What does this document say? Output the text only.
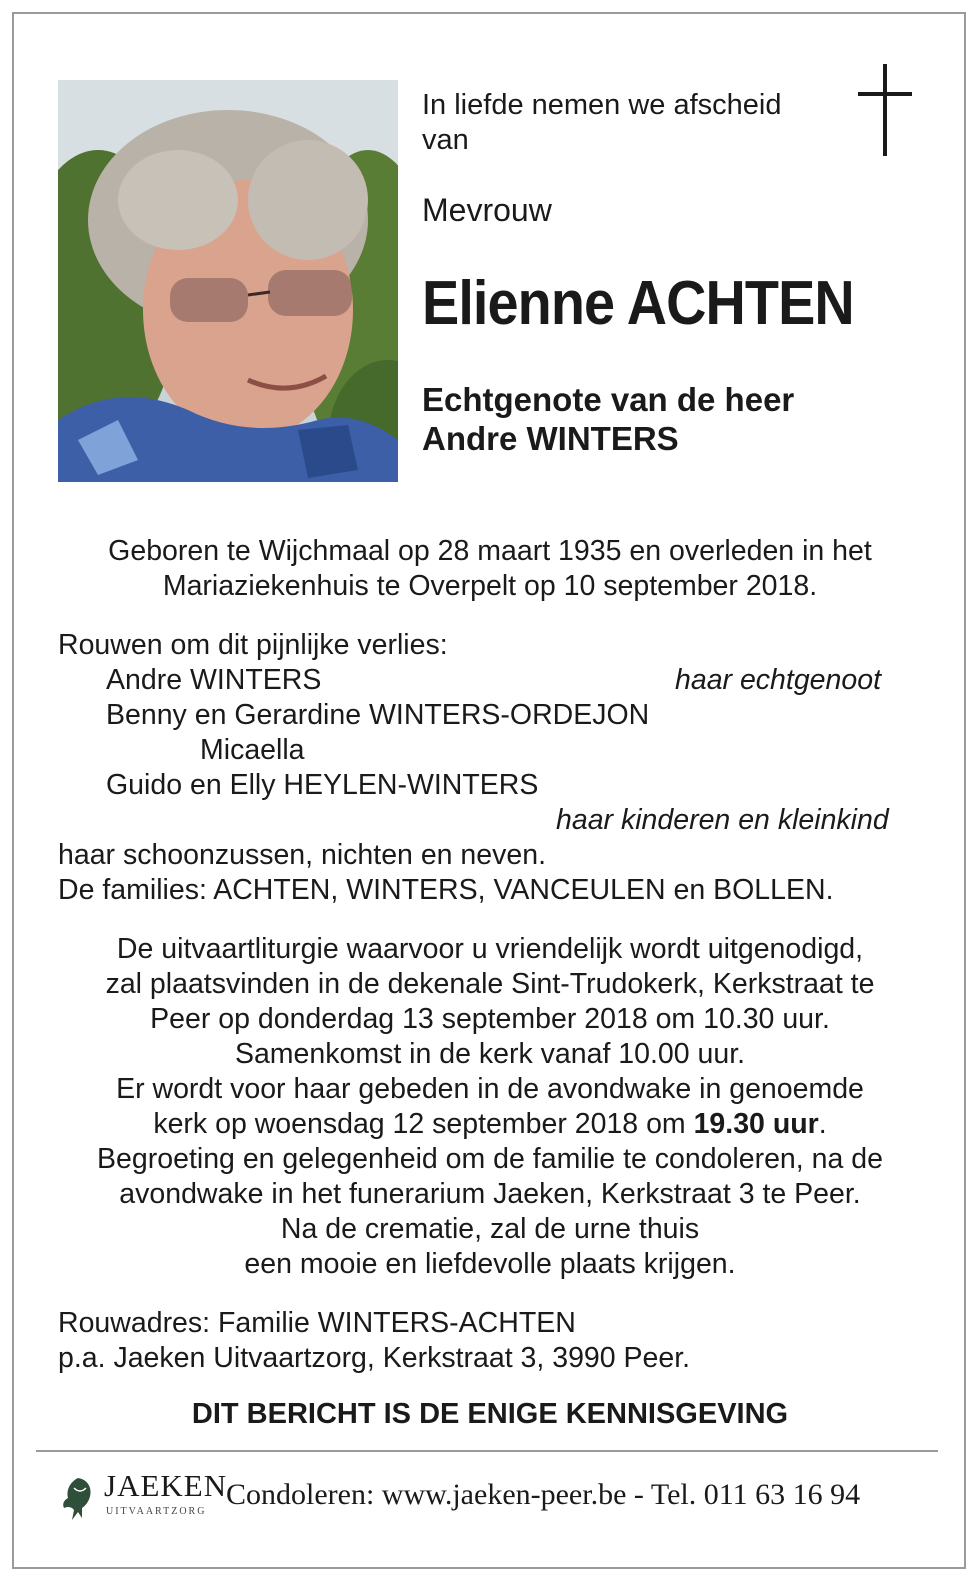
In liefde nemen we afscheid van
Mevrouw
Elienne ACHTEN
Echtgenote van de heer
Andre WINTERS
Geboren te Wijchmaal op 28 maart 1935 en overleden in het
Mariaziekenhuis te Overpelt op 10 september 2018.
Rouwen om dit pijnlijke verlies:
Andre WINTERS	haar echtgenoot
Benny en Gerardine WINTERS-ORDEJON
Micaella
Guido en Elly HEYLEN-WINTERS
haar kinderen en kleinkind
haar schoonzussen, nichten en neven.
De families: ACHTEN, WINTERS, VANCEULEN en BOLLEN.
De uitvaartliturgie waarvoor u vriendelijk wordt uitgenodigd,
zal plaatsvinden in de dekenale Sint-Trudokerk, Kerkstraat te
Peer op donderdag 13 september 2018 om 10.30 uur.
Samenkomst in de kerk vanaf 10.00 uur.
Er wordt voor haar gebeden in de avondwake in genoemde
kerk op woensdag 12 september 2018 om 19.30 uur.
Begroeting en gelegenheid om de familie te condoleren, na de
avondwake in het funerarium Jaeken, Kerkstraat 3 te Peer.
Na de crematie, zal de urne thuis
een mooie en liefdevolle plaats krijgen.
Rouwadres: Familie WINTERS-ACHTEN
p.a. Jaeken Uitvaartzorg, Kerkstraat 3, 3990 Peer.
DIT BERICHT IS DE ENIGE KENNISGEVING
JAEKEN
UITVAARTZORG
Condoleren: www.jaeken-peer.be - Tel. 011 63 16 94
